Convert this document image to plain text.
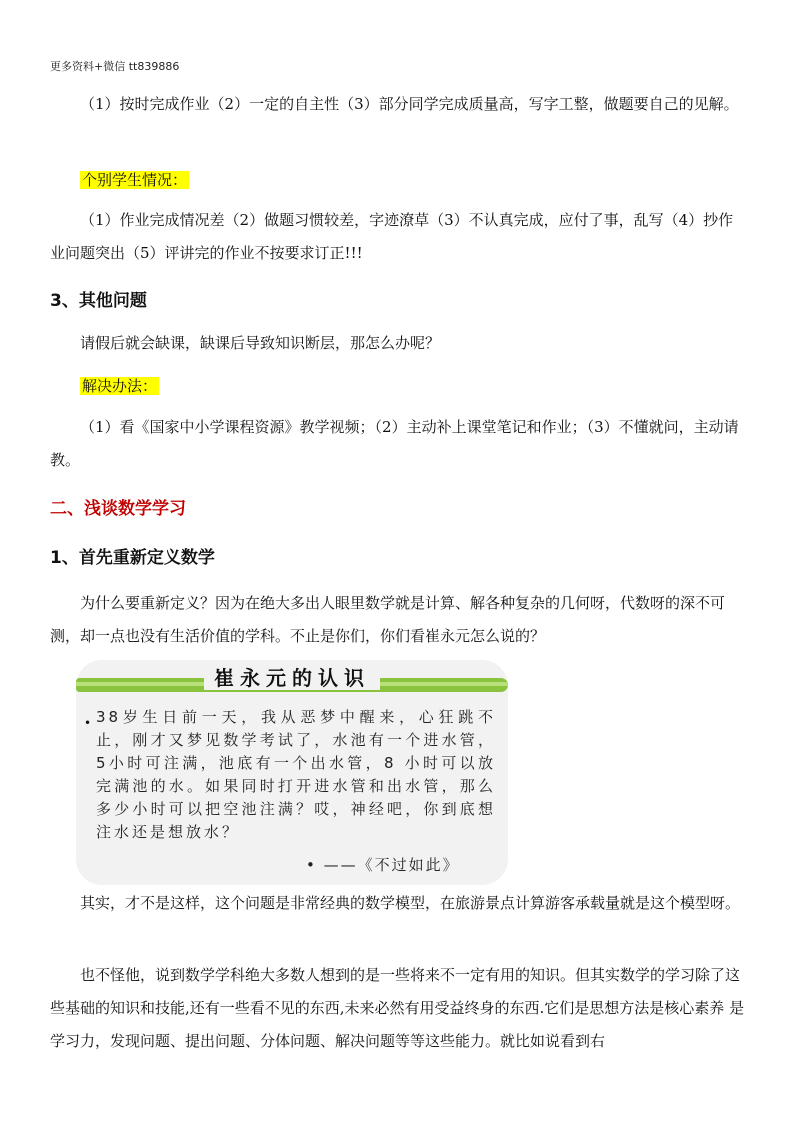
更多资料+微信 tt839886
（1）按时完成作业（2）一定的自主性（3）部分同学完成质量高，写字工整，做题要自己的见解。
个别学生情况：
（1）作业完成情况差（2）做题习惯较差，字迹潦草（3）不认真完成，应付了事，乱写（4）抄作业问题突出（5）评讲完的作业不按要求订正!!!
3、其他问题
请假后就会缺课，缺课后导致知识断层，那怎么办呢？
解决办法：
（1）看《国家中小学课程资源》教学视频；（2）主动补上课堂笔记和作业；（3）不懂就问，主动请教。
二、浅谈数学学习
1、首先重新定义数学
为什么要重新定义？因为在绝大多出人眼里数学就是计算、解各种复杂的几何呀，代数呀的深不可测，却一点也没有生活价值的学科。不止是你们，你们看崔永元怎么说的？
崔永元的认识
• 38岁生日前一天，我从恶梦中醒来，心狂跳不止，刚才又梦见数学考试了，水池有一个进水管，5小时可注满，池底有一个出水管，8 小时可以放完满池的水。如果同时打开进水管和出水管，那么多少小时可以把空池注满？哎，神经吧，你到底想注水还是想放水？
• ——《不过如此》
其实，才不是这样，这个问题是非常经典的数学模型，在旅游景点计算游客承载量就是这个模型呀。
也不怪他，说到数学学科绝大多数人想到的是一些将来不一定有用的知识。但其实数学的学习除了这些基础的知识和技能,还有一些看不见的东西,未来必然有用受益终身的东西.它们是思想方法是核心素养 是学习力，发现问题、提出问题、分体问题、解决问题等等这些能力。就比如说看到右
